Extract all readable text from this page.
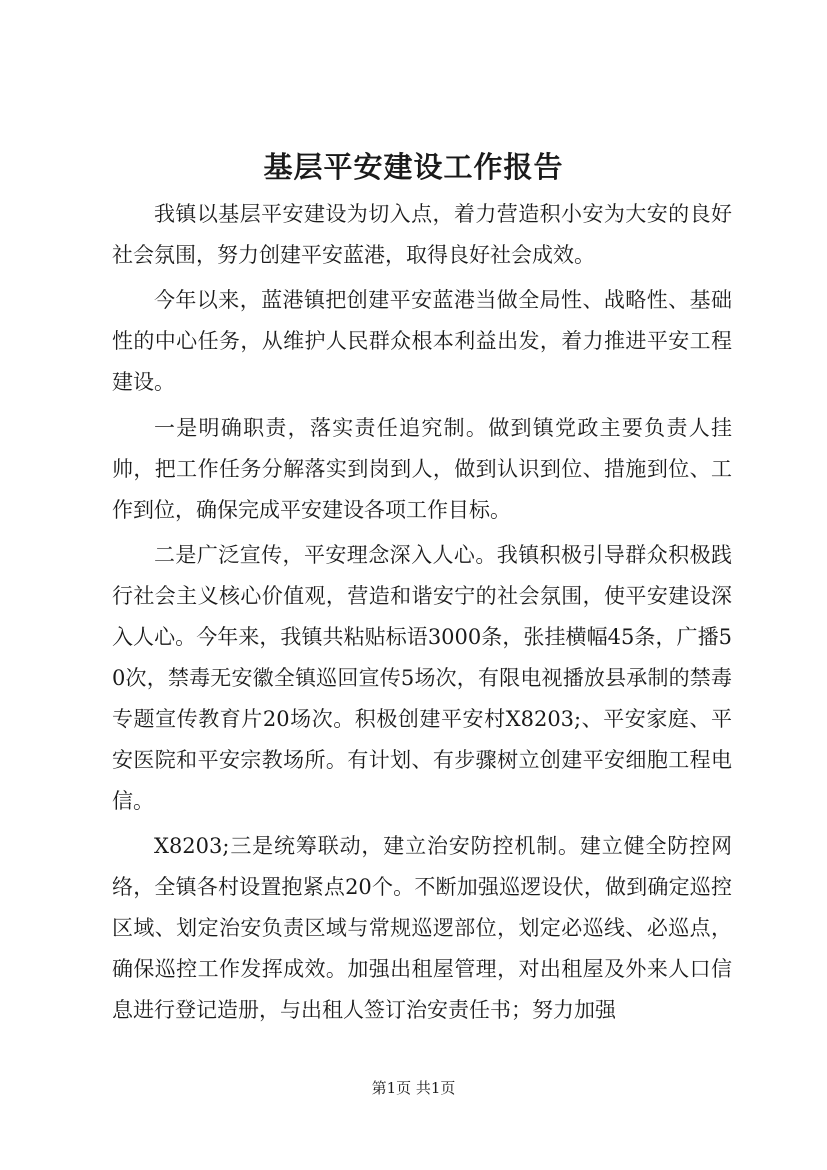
基层平安建设工作报告

我镇以基层平安建设为切入点，着力营造积小安为大安的良好社会氛围，努力创建平安蓝港，取得良好社会成效。

今年以来，蓝港镇把创建平安蓝港当做全局性、战略性、基础性的中心任务，从维护人民群众根本利益出发，着力推进平安工程建设。

一是明确职责，落实责任追究制。做到镇党政主要负责人挂帅，把工作任务分解落实到岗到人，做到认识到位、措施到位、工作到位，确保完成平安建设各项工作目标。

二是广泛宣传，平安理念深入人心。我镇积极引导群众积极践行社会主义核心价值观，营造和谐安宁的社会氛围，使平安建设深入人心。今年来，我镇共粘贴标语3000条，张挂横幅45条，广播50次，禁毒无安徽全镇巡回宣传5场次，有限电视播放县承制的禁毒专题宣传教育片20场次。积极创建平安村X8203;、平安家庭、平安医院和平安宗教场所。有计划、有步骤树立创建平安细胞工程电信。

X8203;三是统筹联动，建立治安防控机制。建立健全防控网络，全镇各村设置抱紧点20个。不断加强巡逻设伏，做到确定巡控区域、划定治安负责区域与常规巡逻部位，划定必巡线、必巡点，确保巡控工作发挥成效。加强出租屋管理，对出租屋及外来人口信息进行登记造册，与出租人签订治安责任书；努力加强

第1页 共1页
